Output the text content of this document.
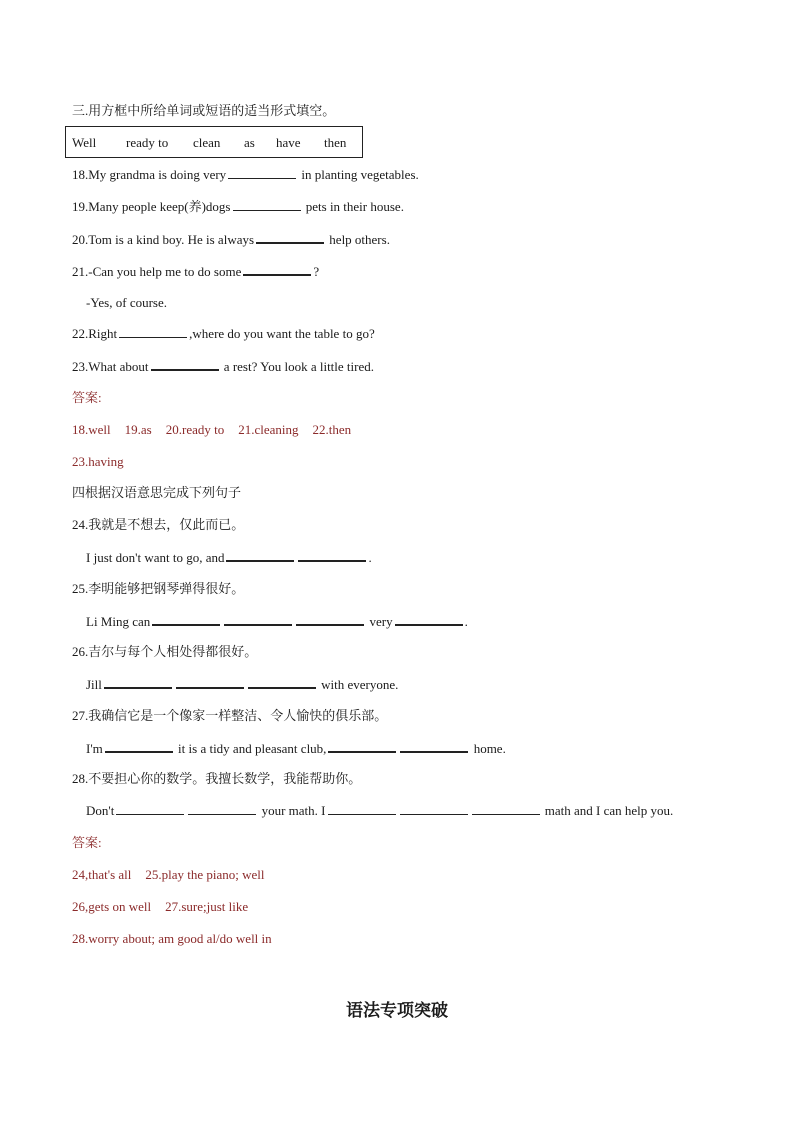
三.用方框中所给单词或短语的适当形式填空。
Well ready to clean as have then
18.My grandma is doing very	in planting vegetables.
19.Many people keep(养)dogs	pets in their house.
20.Tom is a kind boy. He is always	help others.
21.-Can you help me to do some	?
-Yes, of course.
22.Right	,where do you want the table to go?
23.What about	a rest? You look a little tired.
答案:
18.well 19.as 20.ready to 21.cleaning 22.then
23.having
四根据汉语意思完成下列句子
24.我就是不想去，仅此而已。
I just don't want to go, and	.
25.李明能够把钢琴弹得很好。
Li Ming can	very	.
26.吉尔与每个人相处得都很好。
Jill	with everyone.
27.我确信它是一个像家一样整洁、令人愉快的俱乐部。
I'm	it is a tidy and pleasant club,	home.
28.不要担心你的数学。我擅长数学，我能帮助你。
Don't	your math. I	math and I can help you.
答案:
24,that's all 25.play the piano; well
26,gets on well 27.sure;just like
28.worry about; am good al/do well in
语法专项突破
